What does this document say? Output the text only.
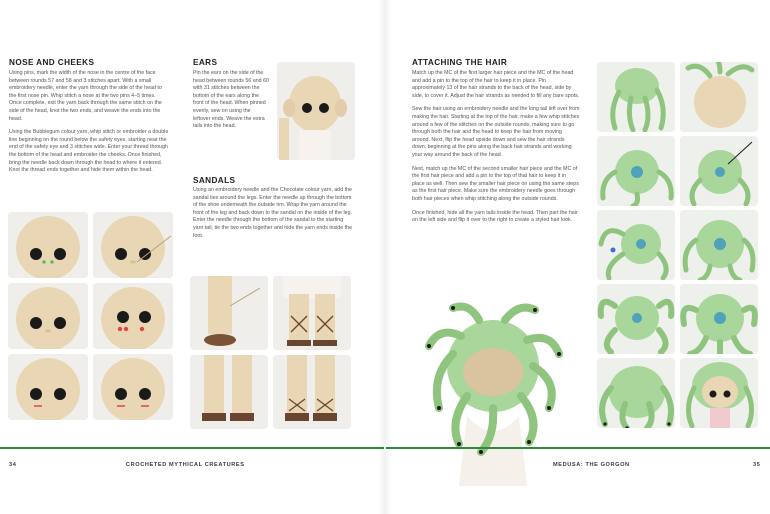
NOSE AND CHEEKS

Using pins, mark the width of the nose in the centre of the face between rounds 57 and 58 and 3 stitches apart. With a small embroidery needle, enter the yarn through the side of the head to the first nose pin. Whip stitch a nose at the two pins 4–5 times. Once complete, exit the yarn back through the same stitch on the side of the head, knot the two ends, and weave the ends into the head.

Using the Bubblegum colour yarn, whip stitch or embroider a double line beginning on the round below the safety eyes, starting near the end of the safety eye and 3 stitches wide. Enter your thread through the bottom of the head and embroider the cheeks. Once finished, bring the needle back down through the head to where it entered. Knot the thread ends together and hide them within the head.

EARS
Pin the ears on the side of the head between rounds 56 and 60 with 31 stitches between the bottom of the ears along the front of the head. When pinned evenly, sew on using the leftover ends. Weave the extra tails into the head.
SANDALS
Using an embroidery needle and the Chocolate colour yarn, add the sandal ties around the legs. Enter the needle up through the bottom of the shoe underneath the outside rim. Wrap the yarn around the front of the leg and back down to the sandal on the inside of the leg. Enter the needle through the bottom of the sandal to the starting yarn tail, tie the two ends together and hide the yarn ends inside the foot.
34	CROCHETED MYTHICAL CREATURES
ATTACHING THE HAIR

Match up the MC of the first larger hair piece and the MC of the head and add a pin to the top of the hair to keep it in place. Pin approximately 13 of the hair strands to the back of the head, side by side, to cover it. Adjust the hair strands as needed to fill any bare spots.

Sew the hair using an embroidery needle and the long tail left over from making the hair. Starting at the top of the hair, make a few whip stitches around a few of the stitches on the outside rounds, making sure to go through both the hair and the head to keep the hair from moving around. Next, flip the head upside down and sew the hair strands down, beginning at the pins along the back hair strands and working your way around the back of the head.

Next, match up the MC of the second smaller hair piece and the MC of the first hair piece and add a pin to the top of that hair to keep it in place as well. Then sew the smaller hair piece on using the same steps as the first hair piece. Make sure the embroidery needle goes through both hair pieces when whip stitching along the outside rounds.

Once finished, hide all the yarn tails inside the head. Then part the hair on the left side and flip it over to the right to create a styled hair look.

MEDUSA: THE GORGON	35
